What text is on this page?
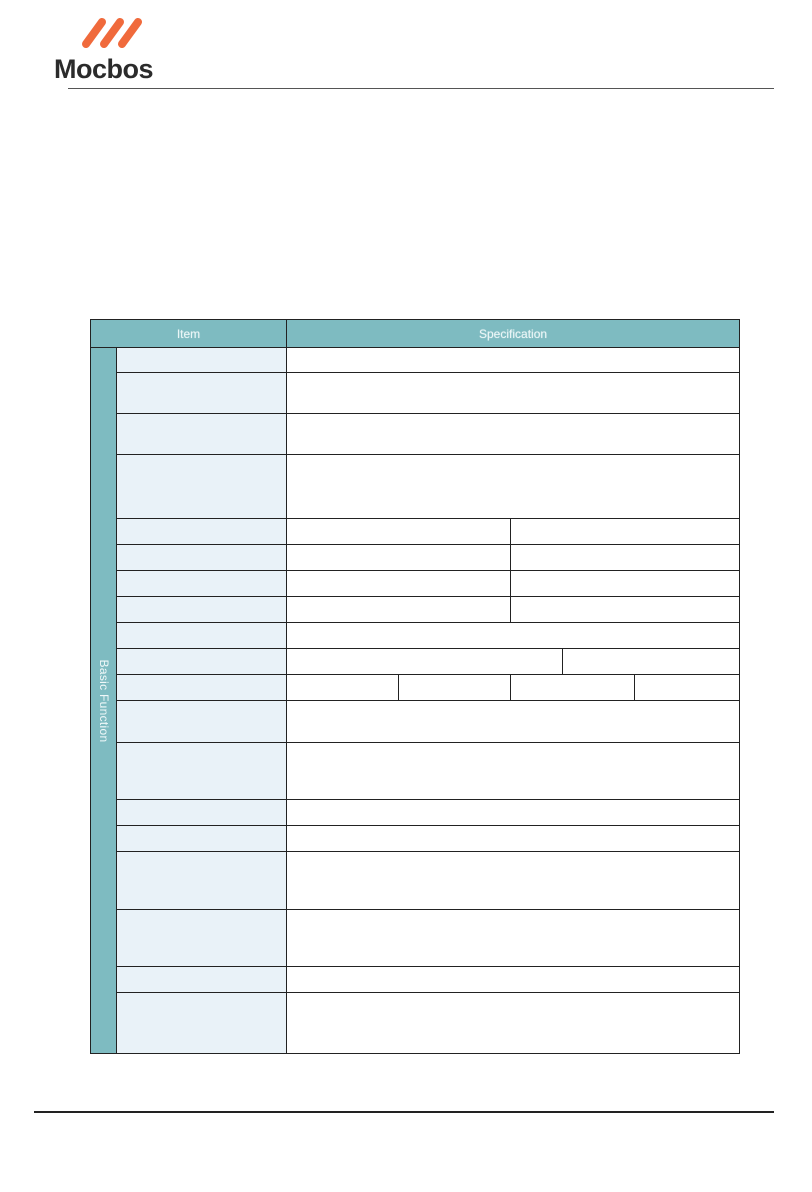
Mocbos
Item		Specification				

Basic Function						
